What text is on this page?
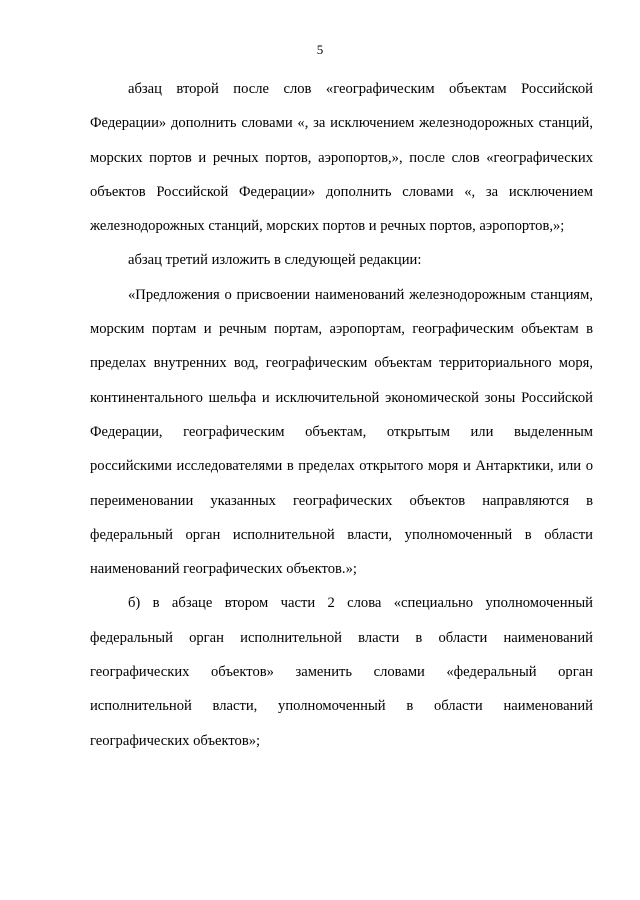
5

абзац второй после слов «географическим объектам Российской Федерации» дополнить словами «, за исключением железнодорожных станций, морских портов и речных портов, аэропортов,», после слов «географических объектов Российской Федерации» дополнить словами «, за исключением железнодорожных станций, морских портов и речных портов, аэропортов,»;

абзац третий изложить в следующей редакции:

«Предложения о присвоении наименований железнодорожным станциям, морским портам и речным портам, аэропортам, географическим объектам в пределах внутренних вод, географическим объектам территориального моря, континентального шельфа и исключительной экономической зоны Российской Федерации, географическим объектам, открытым или выделенным российскими исследователями в пределах открытого моря и Антарктики, или о переименовании указанных географических объектов направляются в федеральный орган исполнительной власти, уполномоченный в области наименований географических объектов.»;

б) в абзаце втором части 2 слова «специально уполномоченный федеральный орган исполнительной власти в области наименований географических объектов» заменить словами «федеральный орган исполнительной власти, уполномоченный в области наименований географических объектов»;
